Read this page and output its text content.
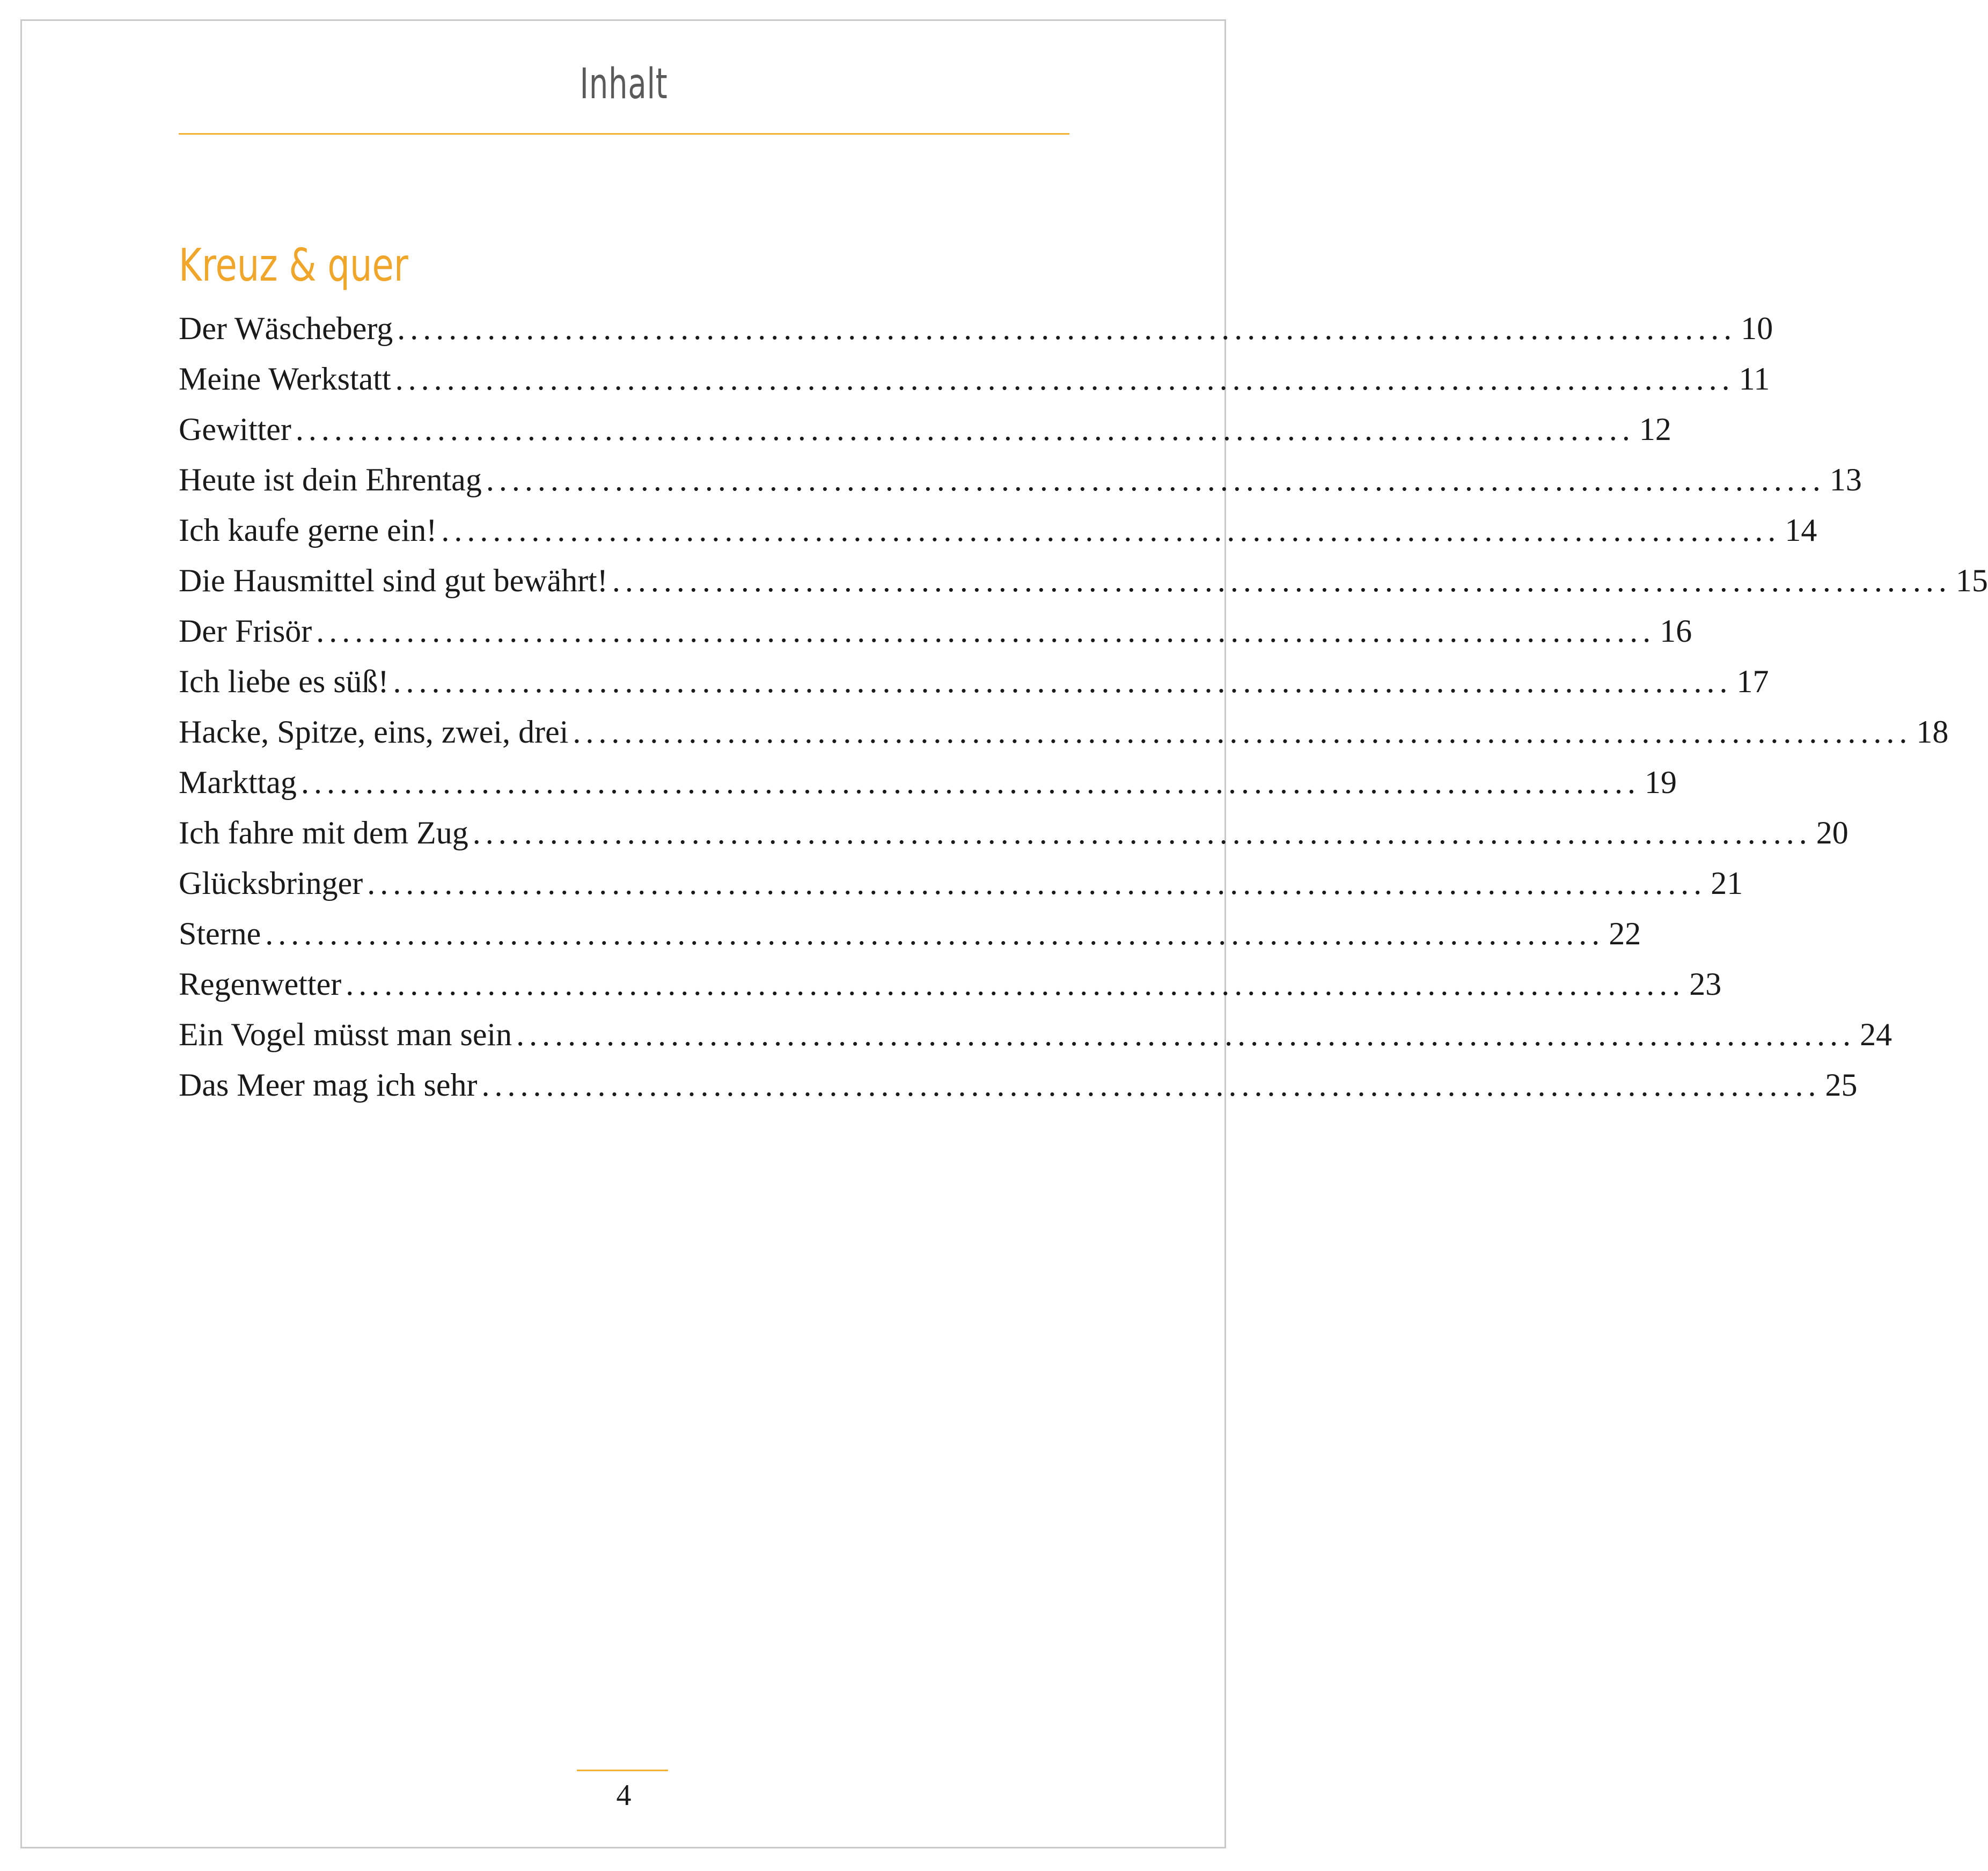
Inhalt
Kreuz & quer
Der Wäscheberg ........................................................................................................ 10
Meine Werkstatt ........................................................................................................ 11
Gewitter ........................................................................................................ 12
Heute ist dein Ehrentag ........................................................................................................ 13
Ich kaufe gerne ein! ........................................................................................................ 14
Die Hausmittel sind gut bewährt! ........................................................................................................ 15
Der Frisör ........................................................................................................ 16
Ich liebe es süß! ........................................................................................................ 17
Hacke, Spitze, eins, zwei, drei ........................................................................................................ 18
Markttag ........................................................................................................ 19
Ich fahre mit dem Zug ........................................................................................................ 20
Glücksbringer ........................................................................................................ 21
Sterne ........................................................................................................ 22
Regenwetter ........................................................................................................ 23
Ein Vogel müsst man sein ........................................................................................................ 24
Das Meer mag ich sehr ........................................................................................................ 25
4
